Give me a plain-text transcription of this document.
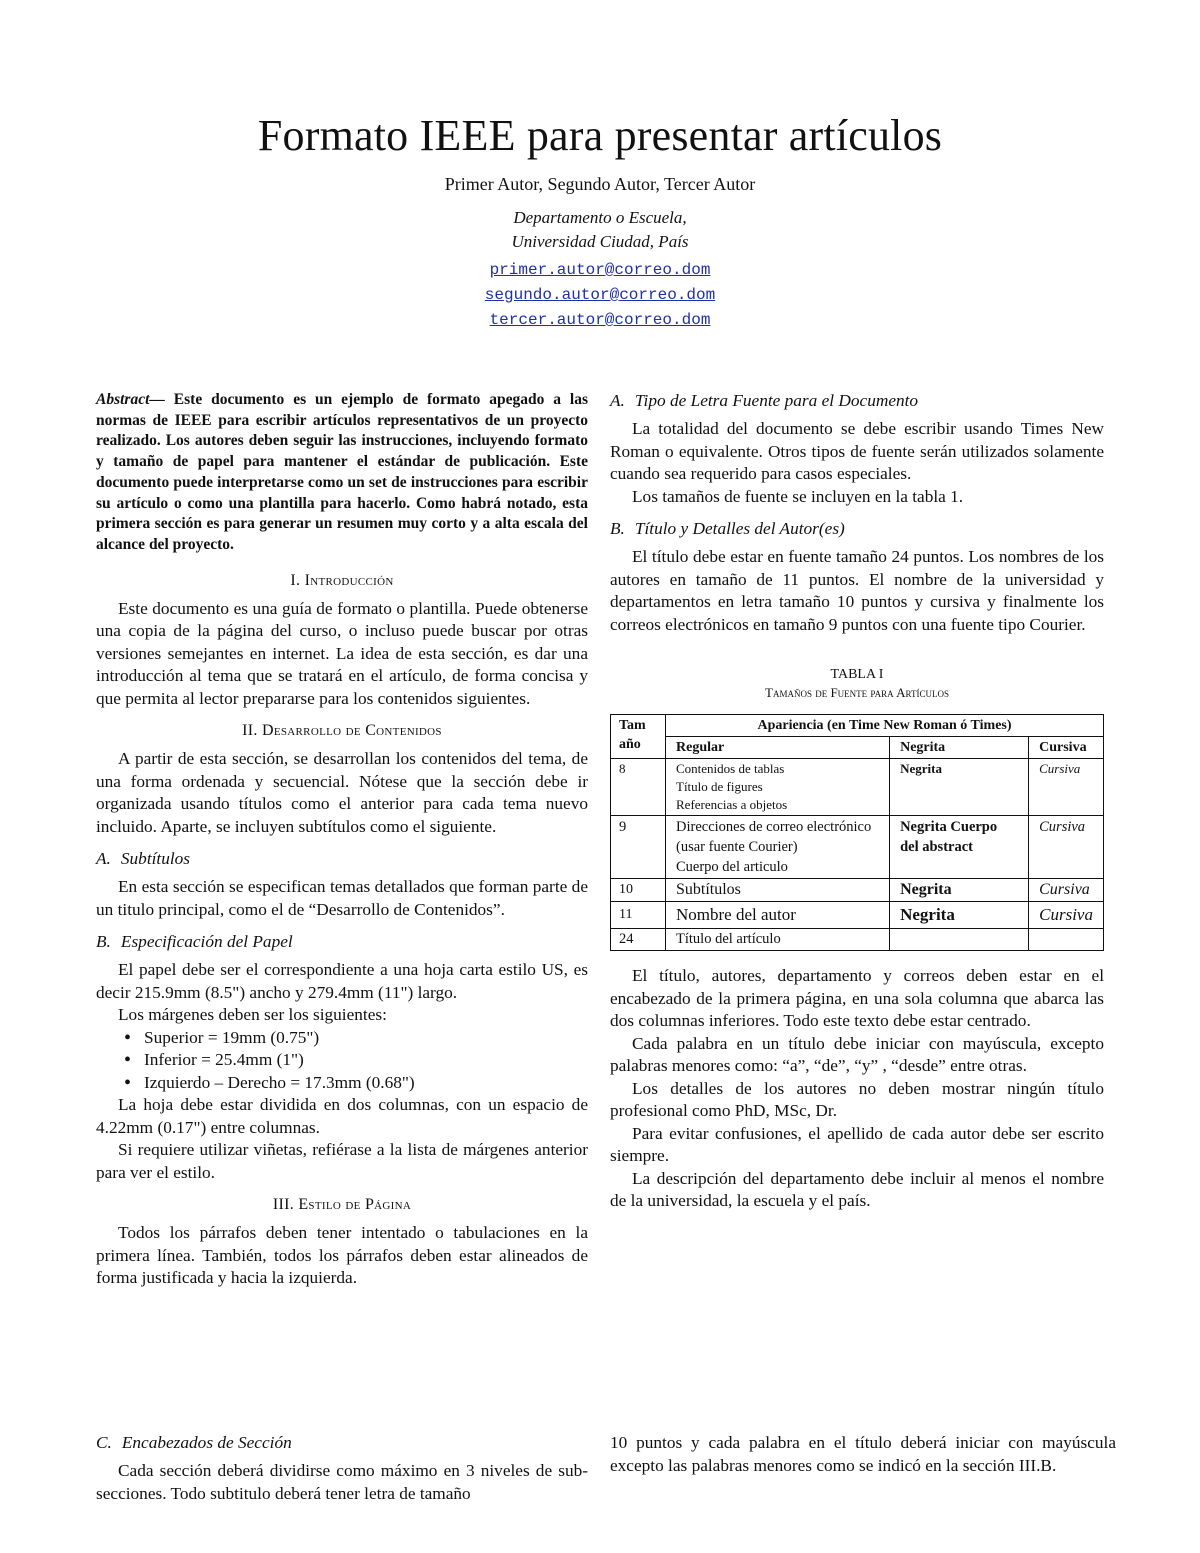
Formato IEEE para presentar artículos
Primer Autor, Segundo Autor, Tercer Autor
Departamento o Escuela,
Universidad Ciudad, País
primer.autor@correo.dom
segundo.autor@correo.dom
tercer.autor@correo.dom
Abstract— Este documento es un ejemplo de formato apegado a las normas de IEEE para escribir artículos representativos de un proyecto realizado. Los autores deben seguir las instrucciones, incluyendo formato y tamaño de papel para mantener el estándar de publicación. Este documento puede interpretarse como un set de instrucciones para escribir su artículo o como una plantilla para hacerlo. Como habrá notado, esta primera sección es para generar un resumen muy corto y a alta escala del alcance del proyecto.
I. Introducción

Este documento es una guía de formato o plantilla. Puede obtenerse una copia de la página del curso, o incluso puede buscar por otras versiones semejantes en internet. La idea de esta sección, es dar una introducción al tema que se tratará en el artículo, de forma concisa y que permita al lector prepararse para los contenidos siguientes.

II. Desarrollo de Contenidos

A partir de esta sección, se desarrollan los contenidos del tema, de una forma ordenada y secuencial. Nótese que la sección debe ir organizada usando títulos como el anterior para cada tema nuevo incluido. Aparte, se incluyen subtítulos como el siguiente.

A. Subtítulos

En esta sección se especifican temas detallados que forman parte de un titulo principal, como el de “Desarrollo de Contenidos”.

B. Especificación del Papel

El papel debe ser el correspondiente a una hoja carta estilo US, es decir 215.9mm (8.5") ancho y 279.4mm (11") largo.

Los márgenes deben ser los siguientes:

• Superior = 19mm (0.75")
• Inferior = 25.4mm (1")
• Izquierdo – Derecho = 17.3mm (0.68")

La hoja debe estar dividida en dos columnas, con un espacio de 4.22mm (0.17") entre columnas.

Si requiere utilizar viñetas, refiérase a la lista de márgenes anterior para ver el estilo.

III. Estilo de Página

Todos los párrafos deben tener intentado o tabulaciones en la primera línea. También, todos los párrafos deben estar alineados de forma justificada y hacia la izquierda.

A. Tipo de Letra Fuente para el Documento

La totalidad del documento se debe escribir usando Times New Roman o equivalente. Otros tipos de fuente serán utilizados solamente cuando sea requerido para casos especiales.

Los tamaños de fuente se incluyen en la tabla 1.

B. Título y Detalles del Autor(es)

El título debe estar en fuente tamaño 24 puntos. Los nombres de los autores en tamaño de 11 puntos. El nombre de la universidad y departamentos en letra tamaño 10 puntos y cursiva y finalmente los correos electrónicos en tamaño 9 puntos con una fuente tipo Courier.

TABLA I
Tamaños de Fuente para Artículos
Tam año	Apariencia (en Time New Roman ó Times)		
	Regular	Negrita	Cursiva
8	Contenidos de tablas
Título de figures
Referencias a objetos	Negrita	Cursiva
9	Direcciones de correo electrónico (usar fuente Courier)
Cuerpo del articulo	Negrita Cuerpo del abstract	Cursiva
10	Subtítulos	Negrita	Cursiva
11	Nombre del autor	Negrita	Cursiva
24	Título del artículo		

El título, autores, departamento y correos deben estar en el encabezado de la primera página, en una sola columna que abarca las dos columnas inferiores. Todo este texto debe estar centrado.

Cada palabra en un título debe iniciar con mayúscula, excepto palabras menores como: “a”, “de”, “y” , “desde” entre otras.

Los detalles de los autores no deben mostrar ningún título profesional como PhD, MSc, Dr.

Para evitar confusiones, el apellido de cada autor debe ser escrito siempre.

La descripción del departamento debe incluir al menos el nombre de la universidad, la escuela y el país.

C. Encabezados de Sección

Cada sección deberá dividirse como máximo en 3 niveles de sub-secciones. Todo subtitulo deberá tener letra de tamaño

10 puntos y cada palabra en el título deberá iniciar con mayúscula excepto las palabras menores como se indicó en la sección III.B.
